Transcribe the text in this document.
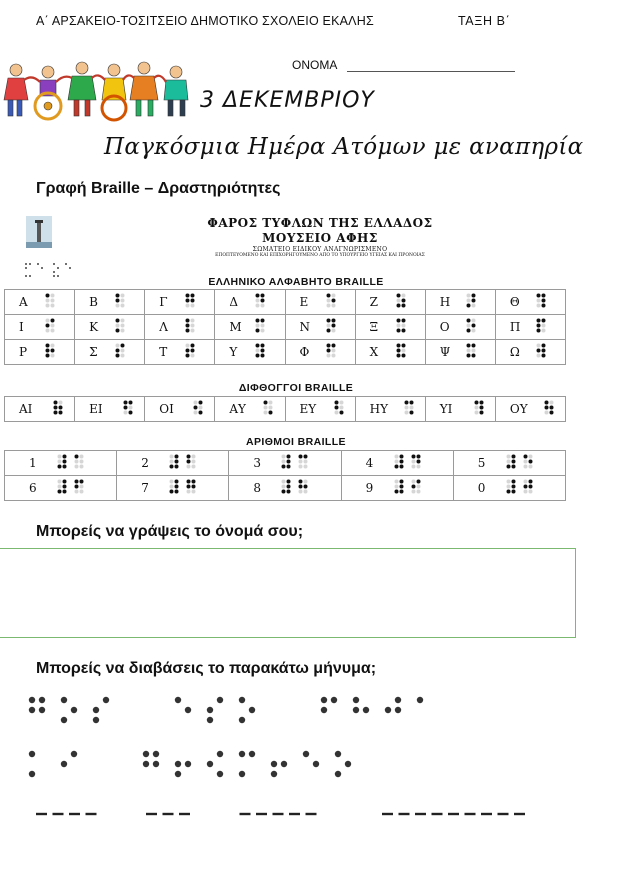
Α΄ ΑΡΣΑΚΕΙΟ-ΤΟΣΙΤΣΕΙΟ ΔΗΜΟΤΙΚΟ ΣΧΟΛΕΙΟ ΕΚΑΛΗΣ	ΤΑΞΗ Β΄
ΟΝΟΜΑ
3 ΔΕΚΕΜΒΡΙΟΥ
Παγκόσμια Ημέρα Ατόμων με αναπηρία
Γραφή Braille – Δραστηριότητες
ΦΑΡΟΣ ΤΥΦΛΩΝ ΤΗΣ ΕΛΛΑΔΟΣ
ΜΟΥΣΕΙΟ ΑΦΗΣ
ΣΩΜΑΤΕΙΟ ΕΙΔΙΚΟΥ ΑΝΑΓΝΩΡΙΣΜΕΝΟ
ΕΠΟΠΤΕΥΟΜΕΝΟ ΚΑΙ ΕΠΙΧΟΡΗΓΟΥΜΕΝΟ ΑΠΟ ΤΟ ΥΠΟΥΡΓΕΙΟ ΥΓΕΙΑΣ ΚΑΙ ΠΡΟΝΟΙΑΣ
ΕΛΛΗΝΙΚΟ ΑΛΦΑΒΗΤΟ BRAILLE
Α	Β	Γ	Δ	Ε	Ζ	Η	Θ

Ι	Κ	Λ	Μ	Ν	Ξ	Ο	Π

Ρ	Σ	Τ	Υ	Φ	Χ	Ψ	Ω
ΔΙΦΘΟΓΓΟΙ BRAILLE
ΑΙ	ΕΙ	ΟΙ	ΑΥ	ΕΥ	ΗΥ	ΥΙ	ΟΥ
ΑΡΙΘΜΟΙ BRAILLE
1	2	3	4	5

6	7	8	9	0
Μπορείς να γράψεις το όνομά σου;
Μπορείς να διαβάσεις το παρακάτω μήνυμα;
